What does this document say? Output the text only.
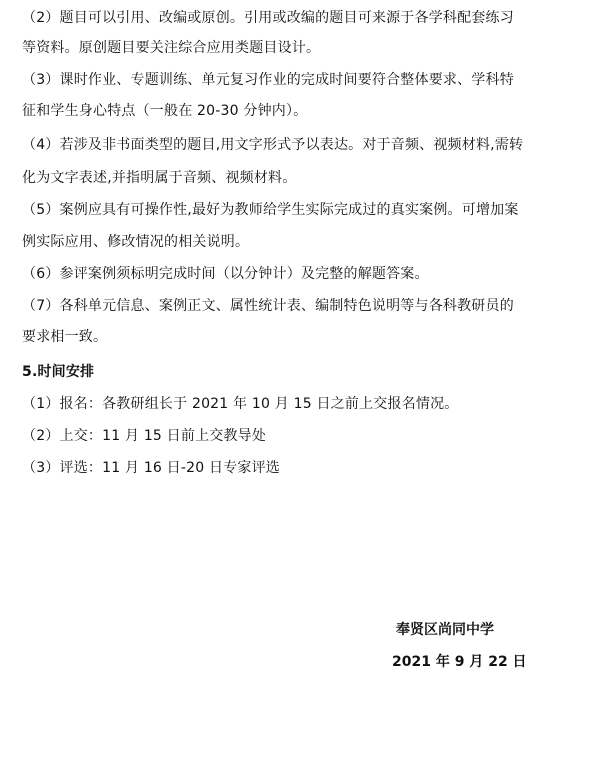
（2）题目可以引用、改编或原创。引用或改编的题目可来源于各学科配套练习
等资料。原创题目要关注综合应用类题目设计。
（3）课时作业、专题训练、单元复习作业的完成时间要符合整体要求、学科特
征和学生身心特点（一般在 20-30 分钟内）。
（4）若涉及非书面类型的题目,用文字形式予以表达。对于音频、视频材料,需转
化为文字表述,并指明属于音频、视频材料。
（5）案例应具有可操作性,最好为教师给学生实际完成过的真实案例。可增加案
例实际应用、修改情况的相关说明。
（6）参评案例须标明完成时间（以分钟计）及完整的解题答案。
（7）各科单元信息、案例正文、属性统计表、编制特色说明等与各科教研员的
要求相一致。
5.时间安排
（1）报名：各教研组长于 2021 年 10 月 15 日之前上交报名情况。
（2）上交：11 月 15 日前上交教导处
（3）评选：11 月 16 日-20 日专家评选
奉贤区尚同中学
2021 年 9 月 22 日
